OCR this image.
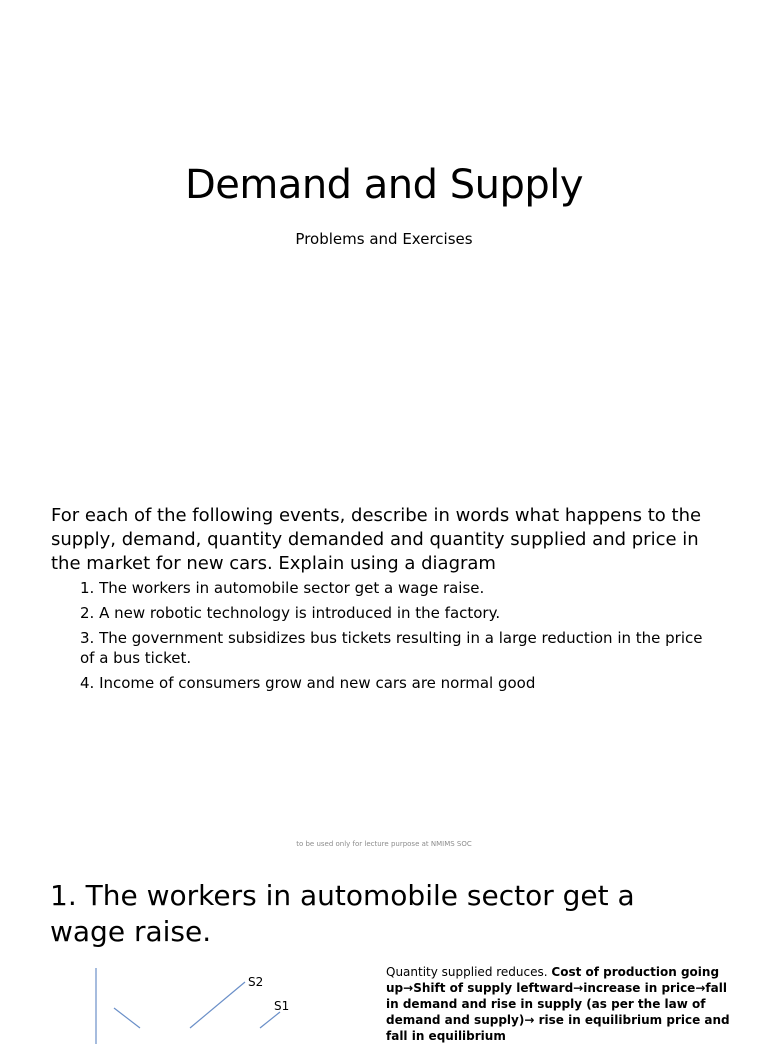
Demand and Supply

Problems and Exercises

For each of the following events, describe in words what happens to the supply, demand, quantity demanded and quantity supplied and price in the market for new cars. Explain using a diagram

1. The workers in automobile sector get a wage raise.
2. A new robotic technology is introduced in the factory.
3. The government subsidizes bus tickets resulting in a large reduction in the price of a bus ticket.
4. Income of consumers grow and new cars are normal good

to be used only for lecture purpose at NMIMS SOC

1. The workers in automobile sector get a wage raise.
S2
S1

Quantity supplied reduces. Cost of production going up→Shift of supply leftward→increase in price→fall in demand and rise in supply (as per the law of demand and supply)→ rise in equilibrium price and fall in equilibrium
